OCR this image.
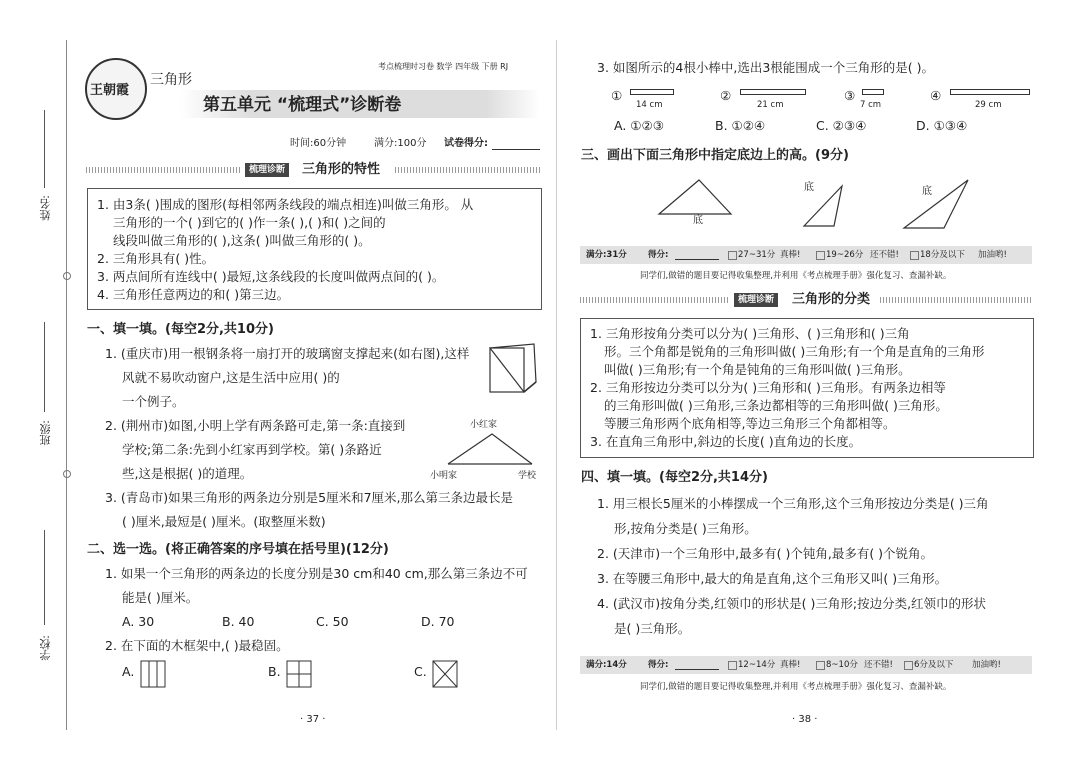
姓名:
班级:
学校:
王朝霞
三角形
考点梳理时习卷 数学 四年级 下册 RJ
第五单元 “梳理式”诊断卷
时间:60分钟	满分:100分 试卷得分:
梳理诊断	三角形的特性
1. 由3条( )围成的图形(每相邻两条线段的端点相连)叫做三角形。 从
三角形的一个( )到它的( )作一条( ),( )和( )之间的
线段叫做三角形的( ),这条( )叫做三角形的( )。
2. 三角形具有( )性。
3. 两点间所有连线中( )最短,这条线段的长度叫做两点间的( )。
4. 三角形任意两边的和( )第三边。
一、填一填。(每空2分,共10分)
1. (重庆市)用一根钢条将一扇打开的玻璃窗支撑起来(如右图),这样
风就不易吹动窗户,这是生活中应用( )的
一个例子。
2. (荆州市)如图,小明上学有两条路可走,第一条:直接到
学校;第二条:先到小红家再到学校。第( )条路近
些,这是根据( )的道理。
小红家
小明家	学校
3. (青岛市)如果三角形的两条边分别是5厘米和7厘米,那么第三条边最长是
( )厘米,最短是( )厘米。(取整厘米数)
二、选一选。(将正确答案的序号填在括号里)(12分)
1. 如果一个三角形的两条边的长度分别是30 cm和40 cm,那么第三条边不可
能是( )厘米。
A. 30	B. 40	C. 50	D. 70
2. 在下面的木框架中,( )最稳固。
A.	B.	C.
· 37 ·
3. 如图所示的4根小棒中,选出3根能围成一个三角形的是( )。
①
14 cm
②
21 cm
③
7 cm
④
29 cm
A. ①②③	B. ①②④	C. ②③④	D. ①③④
三、画出下面三角形中指定底边上的高。(9分)
底
底	底
满分:31分	得分:	27~31分 真棒!	19~26分 还不错! 18分及以下 加油哟!
同学们,做错的题目要记得收集整理,并利用《考点梳理手册》强化复习、查漏补缺。
梳理诊断	三角形的分类
1. 三角形按角分类可以分为( )三角形、( )三角形和( )三角
形。三个角都是锐角的三角形叫做( )三角形;有一个角是直角的三角形
叫做( )三角形;有一个角是钝角的三角形叫做( )三角形。
2. 三角形按边分类可以分为( )三角形和( )三角形。有两条边相等
的三角形叫做( )三角形,三条边都相等的三角形叫做( )三角形。
等腰三角形两个底角相等,等边三角形三个角都相等。
3. 在直角三角形中,斜边的长度( )直角边的长度。
四、填一填。(每空2分,共14分)
1. 用三根长5厘米的小棒摆成一个三角形,这个三角形按边分类是( )三角
形,按角分类是( )三角形。
2. (天津市)一个三角形中,最多有( )个钝角,最多有( )个锐角。
3. 在等腰三角形中,最大的角是直角,这个三角形又叫( )三角形。
4. (武汉市)按角分类,红领巾的形状是( )三角形;按边分类,红领巾的形状
是( )三角形。
满分:14分	得分:	12~14分 真棒!	8~10分 还不错! 6分及以下 加油哟!
同学们,做错的题目要记得收集整理,并利用《考点梳理手册》强化复习、查漏补缺。
· 38 ·
